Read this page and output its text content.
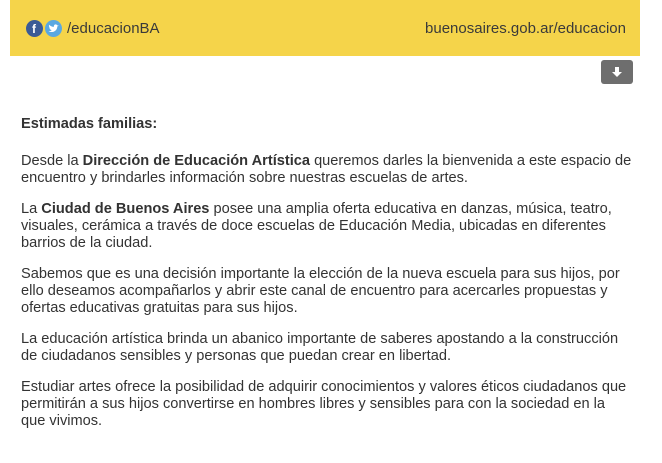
f /educacionBA	buenosaires.gob.ar/educacion

Estimadas familias:

Desde la Dirección de Educación Artística queremos darles la bienvenida a este espacio de encuentro y brindarles información sobre nuestras escuelas de artes.

La Ciudad de Buenos Aires posee una amplia oferta educativa en danzas, música, teatro, visuales, cerámica a través de doce escuelas de Educación Media, ubicadas en diferentes barrios de la ciudad.

Sabemos que es una decisión importante la elección de la nueva escuela para sus hijos, por ello deseamos acompañarlos y abrir este canal de encuentro para acercarles propuestas y ofertas educativas gratuitas para sus hijos.

La educación artística brinda un abanico importante de saberes apostando a la construcción de ciudadanos sensibles y personas que puedan crear en libertad.

Estudiar artes ofrece la posibilidad de adquirir conocimientos y valores éticos ciudadanos que permitirán a sus hijos convertirse en hombres libres y sensibles para con la sociedad en la que vivimos.
